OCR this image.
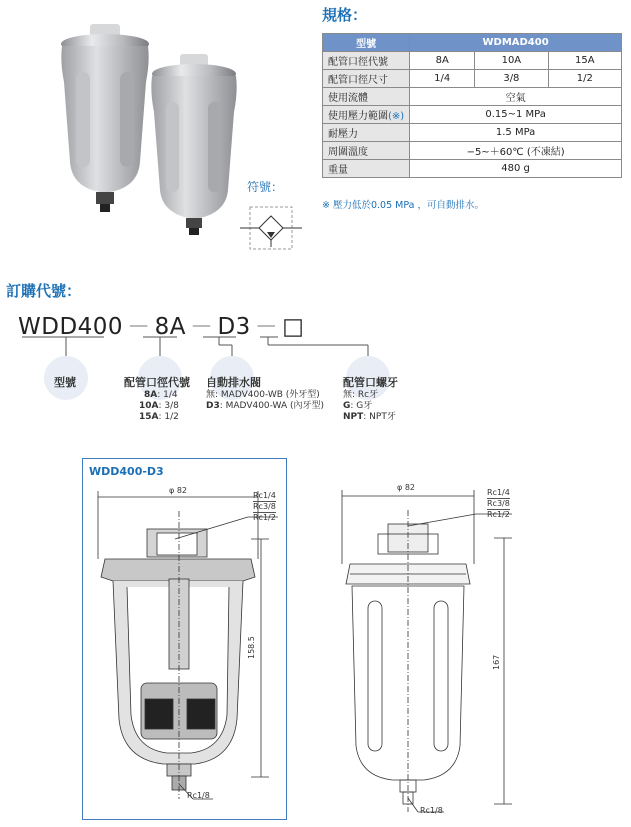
規格：
型號	WDMAD400		
配管口徑代號	8A	10A	15A
配管口徑尺寸	1/4	3/8	1/2
使用流體	空氣		
使用壓力範圍(※)	0.15~1 MPa		
耐壓力	1.5 MPa		
周圍溫度	−5~＋60℃ (不凍結)		
重量	480 g		
※ 壓力低於0.05 MPa ，可自動排水。
符號：
訂購代號：
WDD400 － 8A － D3 － □
型號	配管口徑代號
8A: 1/4
10A: 3/8
15A: 1/2
自動排水閥
無: MADV400-WB (外牙型)
D3: MADV400-WA (內牙型)
配管口螺牙
無: Rc牙
G: G牙
NPT: NPT牙
WDD400-D3
φ 82
Rc1/4
Rc3/8
Rc1/2
158.5
Rc1/8
φ 82
Rc1/4
Rc3/8
Rc1/2
167
Rc1/8
